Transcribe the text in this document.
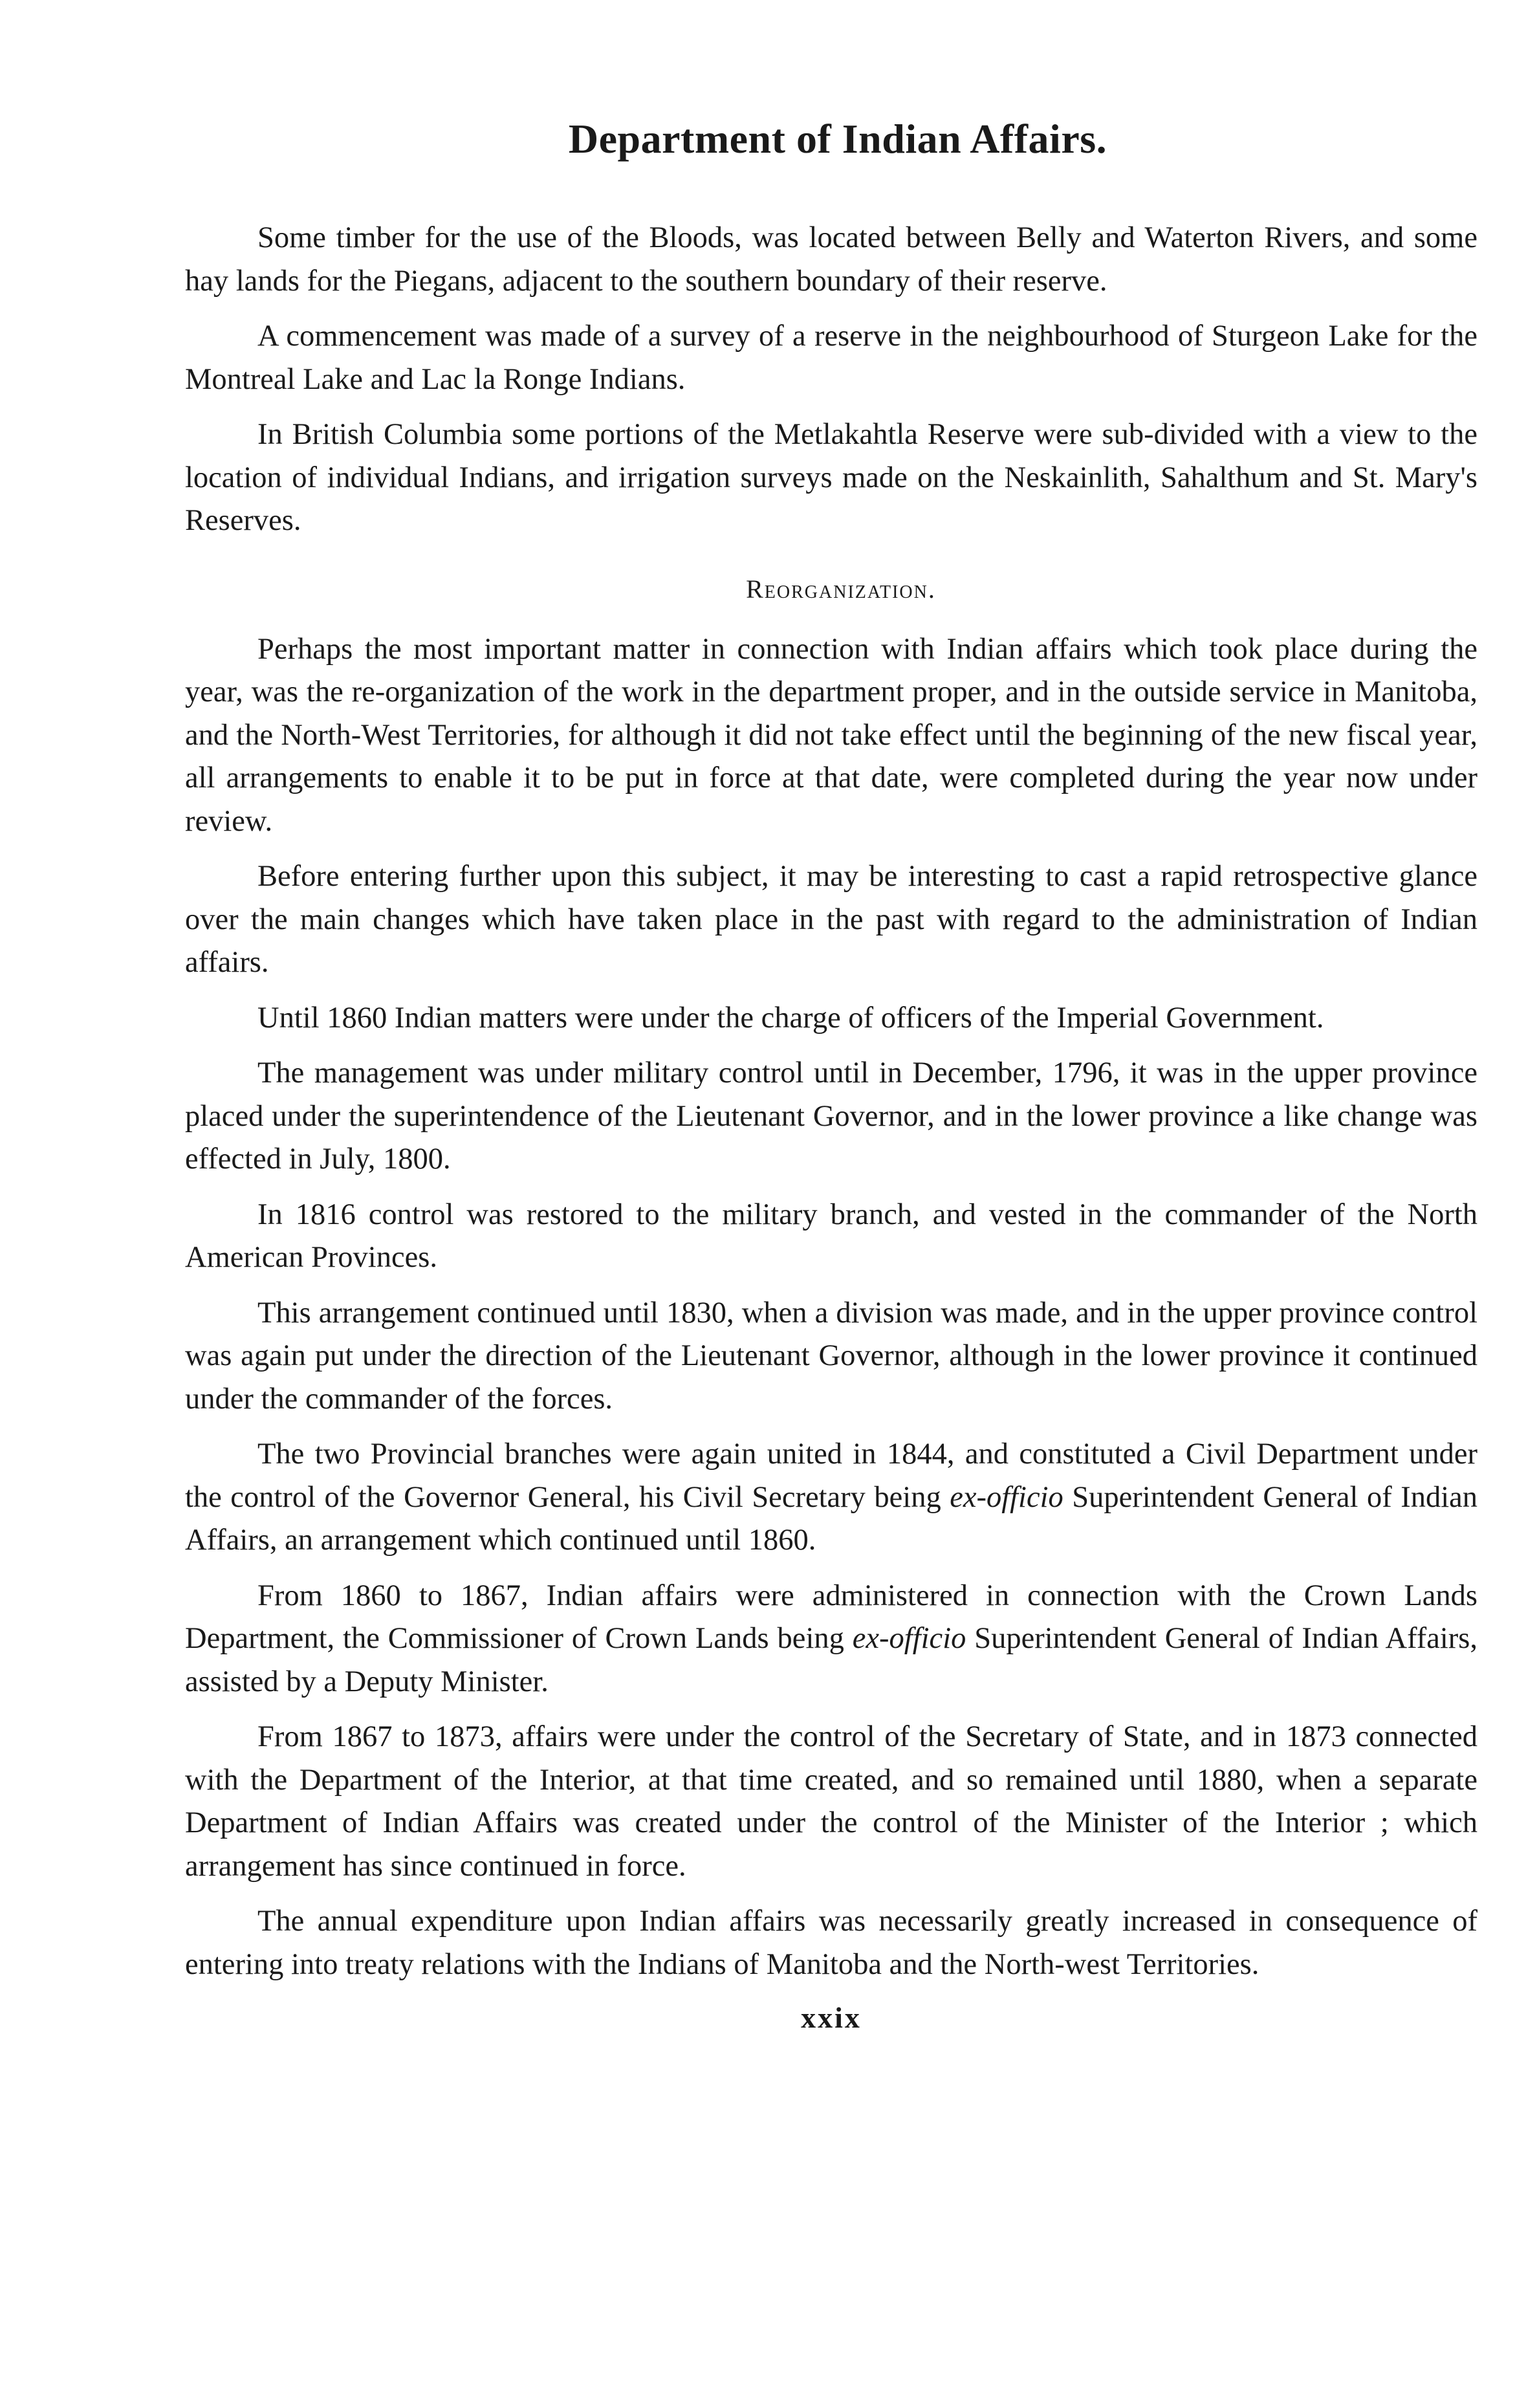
Department of Indian Affairs.

Some timber for the use of the Bloods, was located between Belly and Waterton Rivers, and some hay lands for the Piegans, adjacent to the southern boundary of their reserve.

A commencement was made of a survey of a reserve in the neighbourhood of Sturgeon Lake for the Montreal Lake and Lac la Ronge Indians.

In British Columbia some portions of the Metlakahtla Reserve were sub-divided with a view to the location of individual Indians, and irrigation surveys made on the Neskainlith, Sahalthum and St. Mary's Reserves.

Reorganization.

Perhaps the most important matter in connection with Indian affairs which took place during the year, was the re-organization of the work in the department proper, and in the outside service in Manitoba, and the North-West Territories, for although it did not take effect until the beginning of the new fiscal year, all arrangements to enable it to be put in force at that date, were completed during the year now under review.

Before entering further upon this subject, it may be interesting to cast a rapid retrospective glance over the main changes which have taken place in the past with regard to the administration of Indian affairs.

Until 1860 Indian matters were under the charge of officers of the Imperial Government.

The management was under military control until in December, 1796, it was in the upper province placed under the superintendence of the Lieutenant Governor, and in the lower province a like change was effected in July, 1800.

In 1816 control was restored to the military branch, and vested in the commander of the North American Provinces.

This arrangement continued until 1830, when a division was made, and in the upper province control was again put under the direction of the Lieutenant Governor, although in the lower province it continued under the commander of the forces.

The two Provincial branches were again united in 1844, and constituted a Civil Department under the control of the Governor General, his Civil Secretary being ex-officio Superintendent General of Indian Affairs, an arrangement which continued until 1860.

From 1860 to 1867, Indian affairs were administered in connection with the Crown Lands Department, the Commissioner of Crown Lands being ex-officio Superintendent General of Indian Affairs, assisted by a Deputy Minister.

From 1867 to 1873, affairs were under the control of the Secretary of State, and in 1873 connected with the Department of the Interior, at that time created, and so remained until 1880, when a separate Department of Indian Affairs was created under the control of the Minister of the Interior ; which arrangement has since continued in force.

The annual expenditure upon Indian affairs was necessarily greatly increased in consequence of entering into treaty relations with the Indians of Manitoba and the North-west Territories.

xxix
